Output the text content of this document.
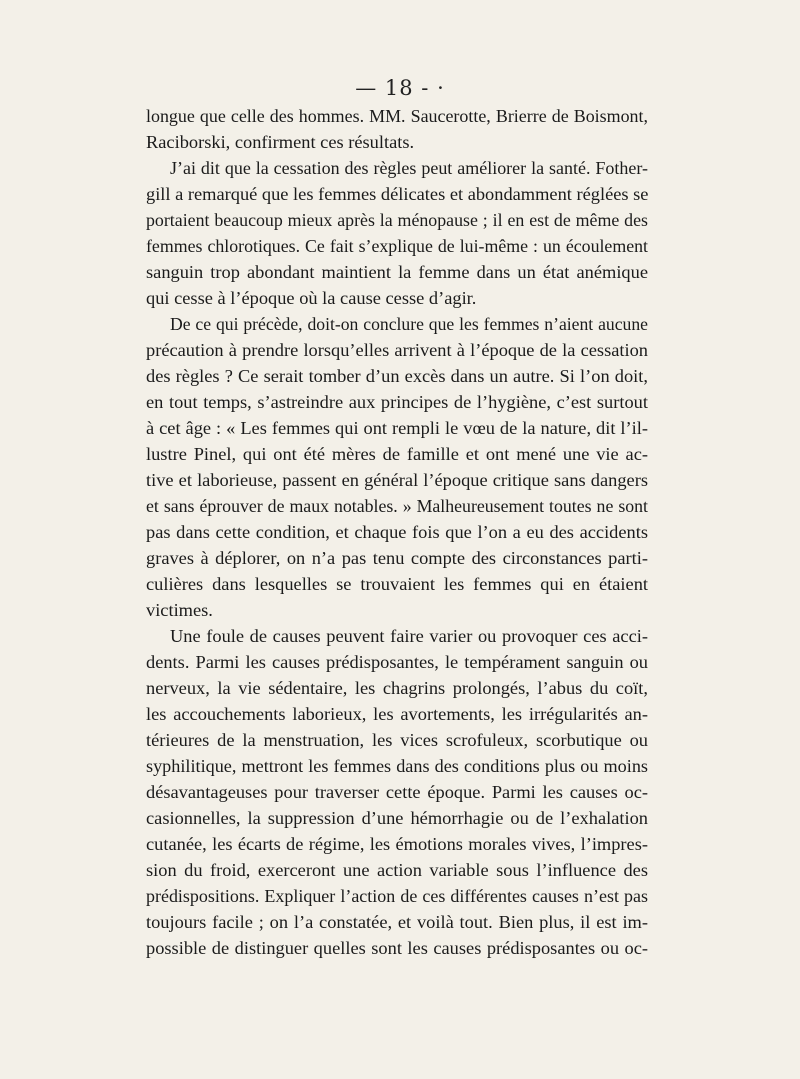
— 18 - ·
longue que celle des hommes. MM. Saucerotte, Brierre de Boismont,
Raciborski, confirment ces résultats.
J’ai dit que la cessation des règles peut améliorer la santé. Fother-
gill a remarqué que les femmes délicates et abondamment réglées se
portaient beaucoup mieux après la ménopause ; il en est de même des
femmes chlorotiques. Ce fait s’explique de lui-même : un écoulement
sanguin trop abondant maintient la femme dans un état anémique
qui cesse à l’époque où la cause cesse d’agir.
De ce qui précède, doit-on conclure que les femmes n’aient aucune
précaution à prendre lorsqu’elles arrivent à l’époque de la cessation
des règles ? Ce serait tomber d’un excès dans un autre. Si l’on doit,
en tout temps, s’astreindre aux principes de l’hygiène, c’est surtout
à cet âge : « Les femmes qui ont rempli le vœu de la nature, dit l’il-
lustre Pinel, qui ont été mères de famille et ont mené une vie ac-
tive et laborieuse, passent en général l’époque critique sans dangers
et sans éprouver de maux notables. » Malheureusement toutes ne sont
pas dans cette condition, et chaque fois que l’on a eu des accidents
graves à déplorer, on n’a pas tenu compte des circonstances parti-
culières dans lesquelles se trouvaient les femmes qui en étaient
victimes.
Une foule de causes peuvent faire varier ou provoquer ces acci-
dents. Parmi les causes prédisposantes, le tempérament sanguin ou
nerveux, la vie sédentaire, les chagrins prolongés, l’abus du coït,
les accouchements laborieux, les avortements, les irrégularités an-
térieures de la menstruation, les vices scrofuleux, scorbutique ou
syphilitique, mettront les femmes dans des conditions plus ou moins
désavantageuses pour traverser cette époque. Parmi les causes oc-
casionnelles, la suppression d’une hémorrhagie ou de l’exhalation
cutanée, les écarts de régime, les émotions morales vives, l’impres-
sion du froid, exerceront une action variable sous l’influence des
prédispositions. Expliquer l’action de ces différentes causes n’est pas
toujours facile ; on l’a constatée, et voilà tout. Bien plus, il est im-
possible de distinguer quelles sont les causes prédisposantes ou oc-
